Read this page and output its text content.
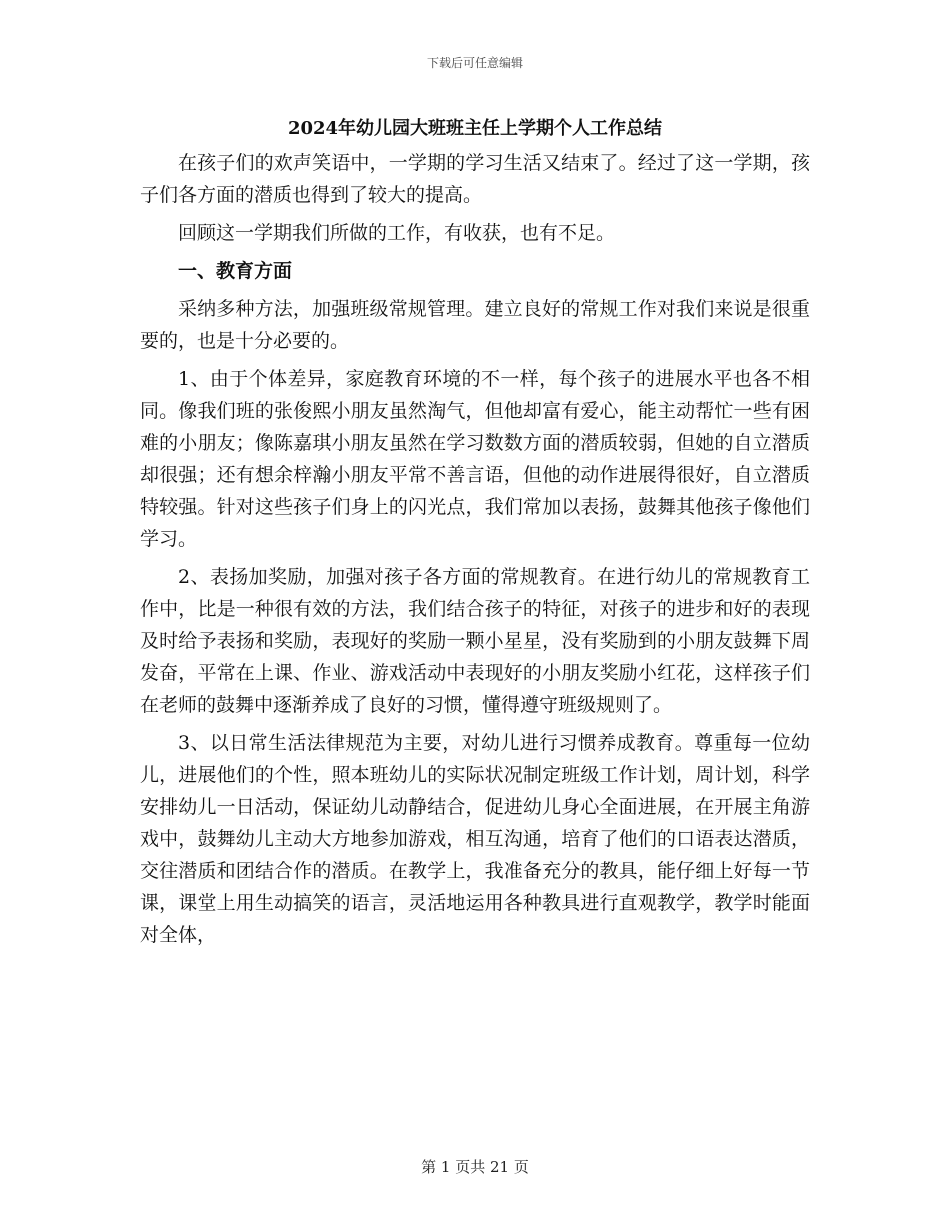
下载后可任意编辑
2024年幼儿园大班班主任上学期个人工作总结

在孩子们的欢声笑语中，一学期的学习生活又结束了。经过了这一学期，孩子们各方面的潜质也得到了较大的提高。

回顾这一学期我们所做的工作，有收获，也有不足。

一、教育方面

采纳多种方法，加强班级常规管理。建立良好的常规工作对我们来说是很重要的，也是十分必要的。

1、由于个体差异，家庭教育环境的不一样，每个孩子的进展水平也各不相同。像我们班的张俊熙小朋友虽然淘气，但他却富有爱心，能主动帮忙一些有困难的小朋友；像陈嘉琪小朋友虽然在学习数数方面的潜质较弱，但她的自立潜质却很强；还有想余梓瀚小朋友平常不善言语，但他的动作进展得很好，自立潜质特较强。针对这些孩子们身上的闪光点，我们常加以表扬，鼓舞其他孩子像他们学习。

2、表扬加奖励，加强对孩子各方面的常规教育。在进行幼儿的常规教育工作中，比是一种很有效的方法，我们结合孩子的特征，对孩子的进步和好的表现及时给予表扬和奖励，表现好的奖励一颗小星星，没有奖励到的小朋友鼓舞下周发奋，平常在上课、作业、游戏活动中表现好的小朋友奖励小红花，这样孩子们在老师的鼓舞中逐渐养成了良好的习惯，懂得遵守班级规则了。

3、以日常生活法律规范为主要，对幼儿进行习惯养成教育。尊重每一位幼儿，进展他们的个性，照本班幼儿的实际状况制定班级工作计划，周计划，科学安排幼儿一日活动，保证幼儿动静结合，促进幼儿身心全面进展，在开展主角游戏中，鼓舞幼儿主动大方地参加游戏，相互沟通，培育了他们的口语表达潜质，交往潜质和团结合作的潜质。在教学上，我准备充分的教具，能仔细上好每一节课，课堂上用生动搞笑的语言，灵活地运用各种教具进行直观教学，教学时能面对全体，

第 1 页共 21 页
